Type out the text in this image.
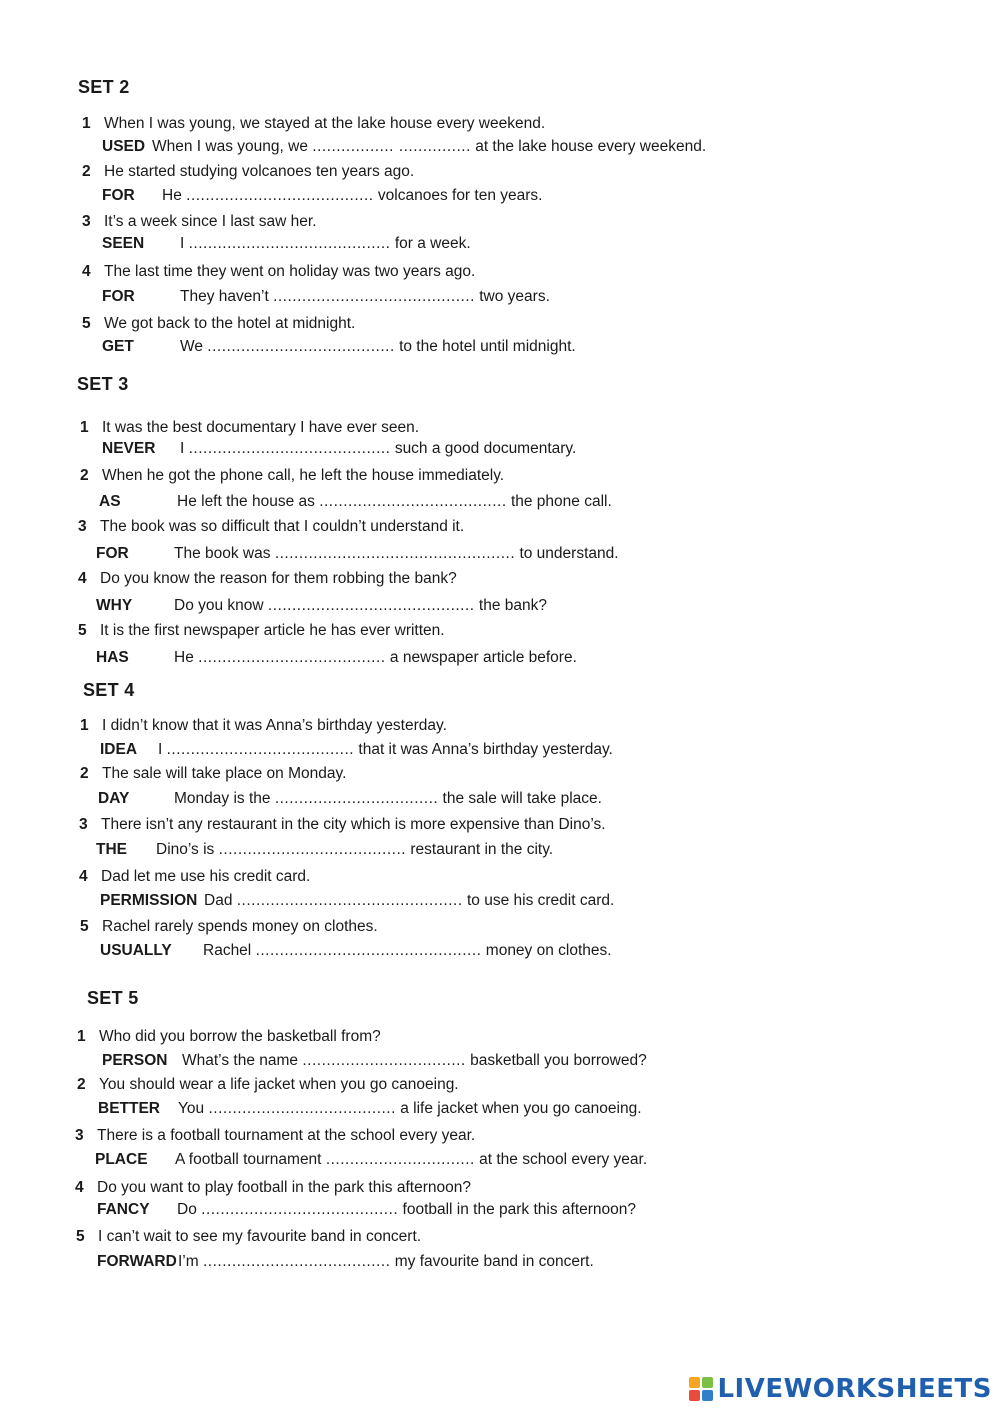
SET 2
1 When I was young, we stayed at the lake house every weekend.
USED When I was young, we ................. ............... at the lake house every weekend.
2 He started studying volcanoes ten years ago.
FOR He ....................................... volcanoes for ten years.
3 It’s a week since I last saw her.
SEEN I .......................................... for a week.
4 The last time they went on holiday was two years ago.
FOR	They haven’t .......................................... two years.
5 We got back to the hotel at midnight.
GET	We ....................................... to the hotel until midnight.
SET 3
1 It was the best documentary I have ever seen.
NEVER I .......................................... such a good documentary.
2 When he got the phone call, he left the house immediately.
AS	He left the house as ....................................... the phone call.
3 The book was so difficult that I couldn’t understand it.
FOR	The book was .................................................. to understand.
4 Do you know the reason for them robbing the bank?
WHY	Do you know ........................................... the bank?
5 It is the first newspaper article he has ever written.
HAS	He ....................................... a newspaper article before.
SET 4
1 I didn’t know that it was Anna’s birthday yesterday.
IDEA I ....................................... that it was Anna’s birthday yesterday.
2 The sale will take place on Monday.
DAY	Monday is the .................................. the sale will take place.
3 There isn’t any restaurant in the city which is more expensive than Dino’s.
THE Dino’s is ....................................... restaurant in the city.
4 Dad let me use his credit card.
PERMISSION Dad ............................................... to use his credit card.
5 Rachel rarely spends money on clothes.
USUALLY Rachel ............................................... money on clothes.
SET 5
1 Who did you borrow the basketball from?
PERSON What’s the name .................................. basketball you borrowed?
2 You should wear a life jacket when you go canoeing.
BETTER You ....................................... a life jacket when you go canoeing.
3 There is a football tournament at the school every year.
PLACE A football tournament ............................... at the school every year.
4 Do you want to play football in the park this afternoon?
FANCY Do ......................................... football in the park this afternoon?
5 I can’t wait to see my favourite band in concert.
FORWARDI’m ....................................... my favourite band in concert.
LIVEWORKSHEETS
